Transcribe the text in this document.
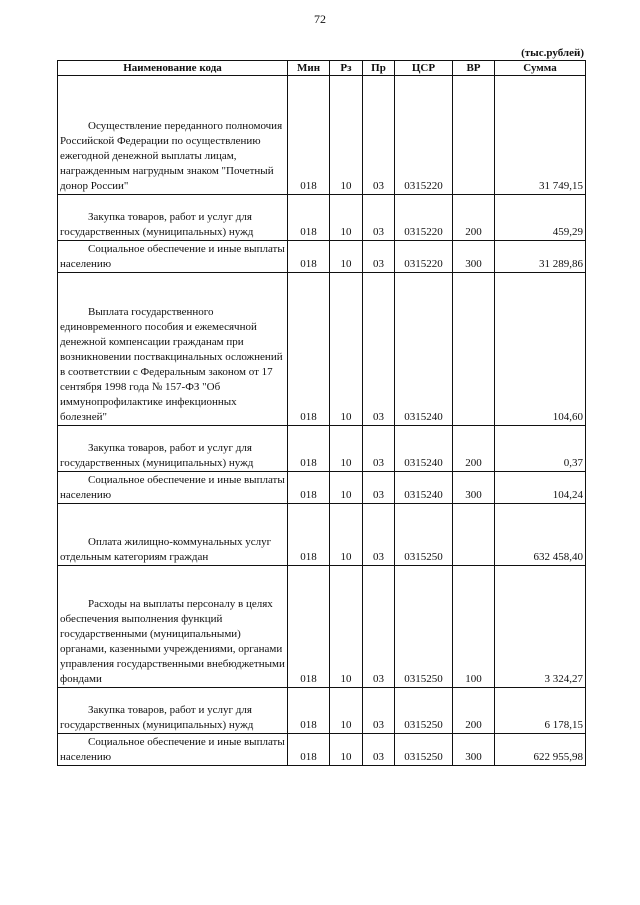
72
(тыс.рублей)
Наименование кода	Мин	Рз	Пр	ЦСР	ВР	Сумма
Осуществление переданного полномочия Российской Федерации по осуществлению ежегодной денежной выплаты лицам, награжденным нагрудным знаком "Почетный донор России"	018	10	03	0315220		31 749,15
Закупка товаров, работ и услуг для государственных (муниципальных) нужд	018	10	03	0315220	200	459,29
Социальное обеспечение и иные выплаты населению	018	10	03	0315220	300	31 289,86
Выплата государственного единовременного пособия и ежемесячной денежной компенсации гражданам при возникновении поствакцинальных осложнений в соответствии с Федеральным законом от 17 сентября 1998 года № 157-ФЗ "Об иммунопрофилактике инфекционных болезней"	018	10	03	0315240		104,60
Закупка товаров, работ и услуг для государственных (муниципальных) нужд	018	10	03	0315240	200	0,37
Социальное обеспечение и иные выплаты населению	018	10	03	0315240	300	104,24
Оплата жилищно-коммунальных услуг отдельным категориям граждан	018	10	03	0315250		632 458,40
Расходы на выплаты персоналу в целях обеспечения выполнения функций государственными (муниципальными) органами, казенными учреждениями, органами управления государственными внебюджетными фондами	018	10	03	0315250	100	3 324,27
Закупка товаров, работ и услуг для государственных (муниципальных) нужд	018	10	03	0315250	200	6 178,15
Социальное обеспечение и иные выплаты населению	018	10	03	0315250	300	622 955,98
